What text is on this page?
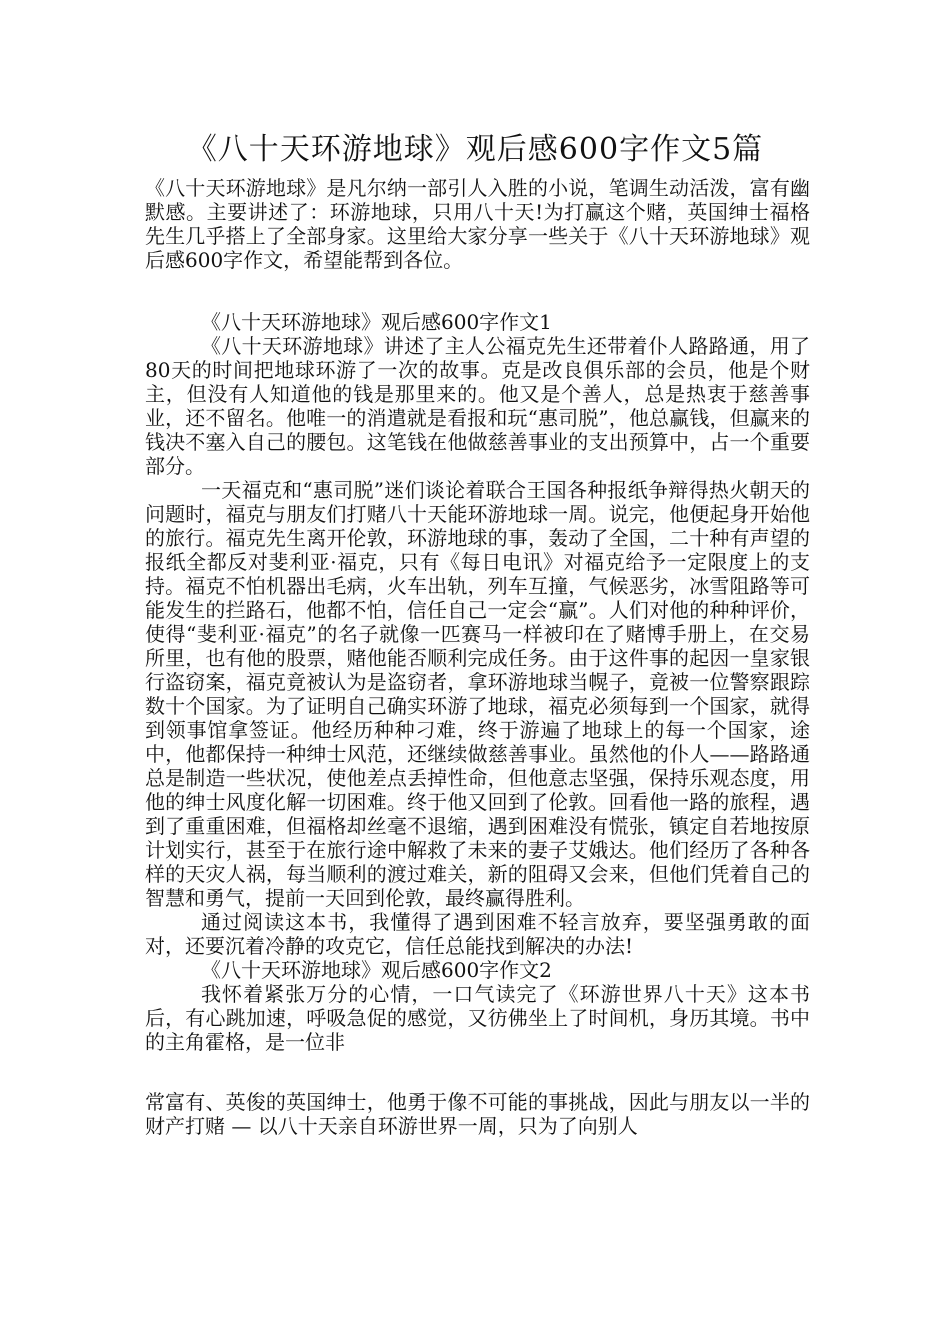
《八十天环游地球》观后感600字作文5篇

《八十天环游地球》是凡尔纳一部引人入胜的小说，笔调生动活泼，富有幽默感。主要讲述了：环游地球，只用八十天!为打赢这个赌，英国绅士福格先生几乎搭上了全部身家。这里给大家分享一些关于《八十天环游地球》观后感600字作文，希望能帮到各位。

《八十天环游地球》观后感600字作文1

《八十天环游地球》讲述了主人公福克先生还带着仆人路路通，用了80天的时间把地球环游了一次的故事。克是改良俱乐部的会员，他是个财主，但没有人知道他的钱是那里来的。他又是个善人，总是热衷于慈善事业，还不留名。他唯一的消遣就是看报和玩“惠司脱”，他总赢钱，但赢来的钱决不塞入自己的腰包。这笔钱在他做慈善事业的支出预算中，占一个重要部分。

一天福克和“惠司脱”迷们谈论着联合王国各种报纸争辩得热火朝天的问题时，福克与朋友们打赌八十天能环游地球一周。说完，他便起身开始他的旅行。福克先生离开伦敦，环游地球的事，轰动了全国，二十种有声望的报纸全都反对斐利亚·福克，只有《每日电讯》对福克给予一定限度上的支持。福克不怕机器出毛病，火车出轨，列车互撞，气候恶劣，冰雪阻路等可能发生的拦路石，他都不怕，信任自己一定会“赢”。人们对他的种种评价，使得“斐利亚·福克”的名子就像一匹赛马一样被印在了赌博手册上，在交易所里，也有他的股票，赌他能否顺利完成任务。由于这件事的起因一皇家银行盗窃案，福克竟被认为是盗窃者，拿环游地球当幌子，竟被一位警察跟踪数十个国家。为了证明自己确实环游了地球，福克必须每到一个国家，就得到领事馆拿签证。他经历种种刁难，终于游遍了地球上的每一个国家，途中，他都保持一种绅士风范，还继续做慈善事业。虽然他的仆人——路路通总是制造一些状况，使他差点丢掉性命，但他意志坚强，保持乐观态度，用他的绅士风度化解一切困难。终于他又回到了伦敦。回看他一路的旅程，遇到了重重困难，但福格却丝毫不退缩，遇到困难没有慌张，镇定自若地按原计划实行，甚至于在旅行途中解救了未来的妻子艾娥达。他们经历了各种各样的天灾人祸，每当顺利的渡过难关，新的阻碍又会来，但他们凭着自己的智慧和勇气，提前一天回到伦敦，最终赢得胜利。

通过阅读这本书，我懂得了遇到困难不轻言放弃，要坚强勇敢的面对，还要沉着冷静的攻克它，信任总能找到解决的办法!

《八十天环游地球》观后感600字作文2

我怀着紧张万分的心情，一口气读完了《环游世界八十天》这本书后，有心跳加速，呼吸急促的感觉，又彷佛坐上了时间机，身历其境。书中的主角霍格，是一位非

常富有、英俊的英国绅士，他勇于像不可能的事挑战，因此与朋友以一半的财产打赌 — 以八十天亲自环游世界一周，只为了向别人
